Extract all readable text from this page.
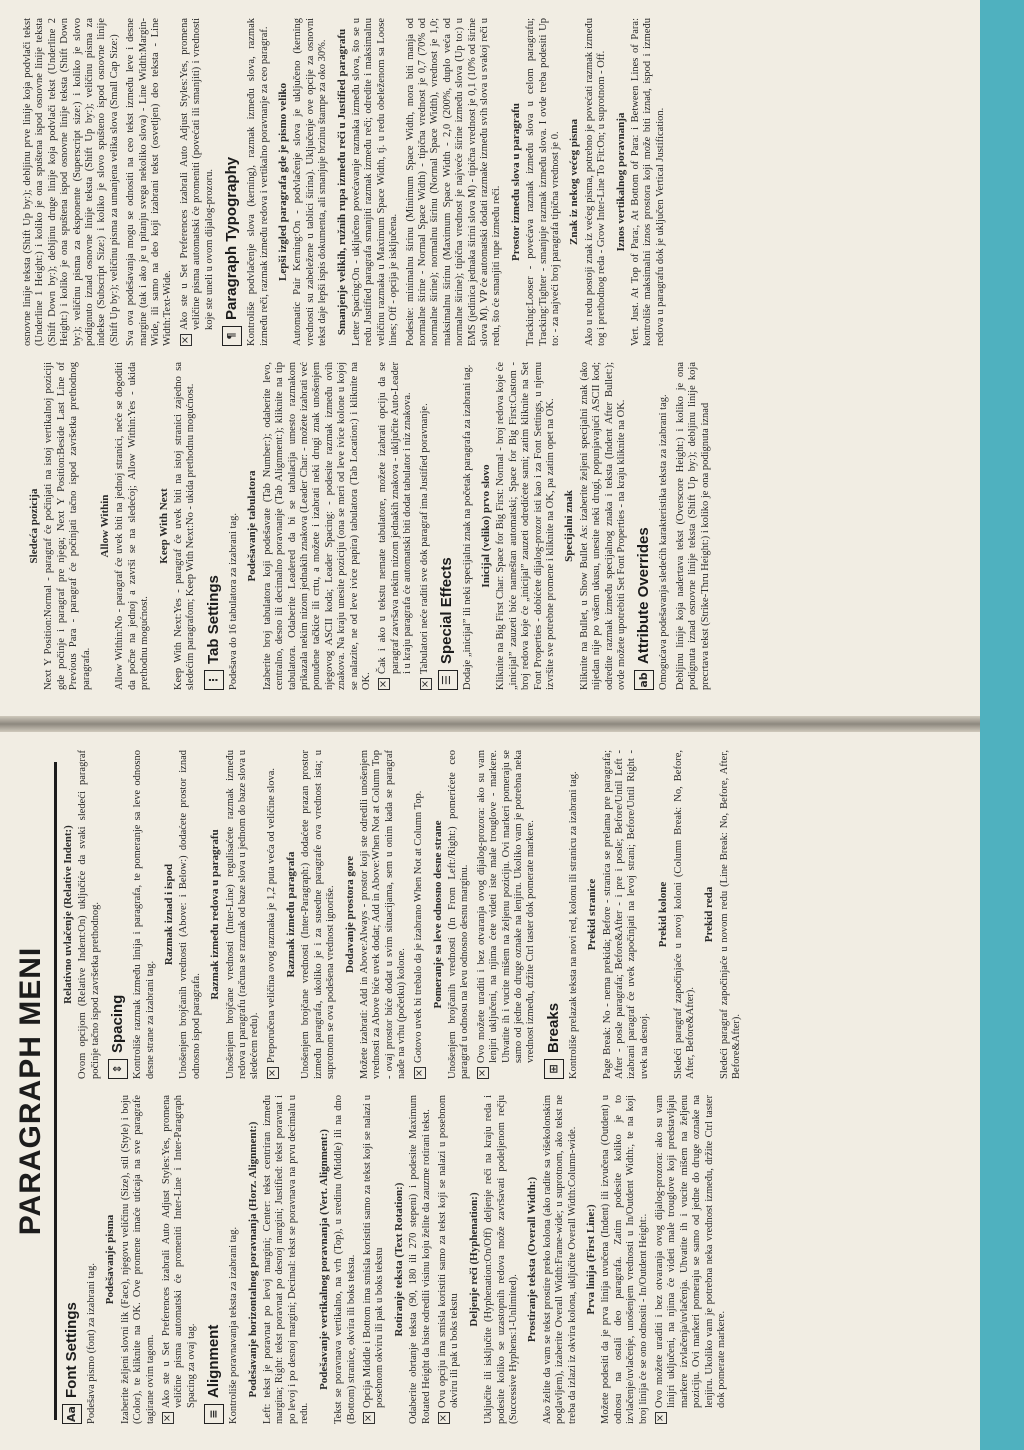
PARAGRAPH MENI
Aa
Font Settings Podešava pismo (font) za izabrani tag.

Podešavanje pisma Izaberite željeni slovni lik (Face), njegovu veličinu (Size), stil (Style) i boju (Color), te kliknite na OK. Ove promene imaće uticaja na sve paragrafe tagirane ovim tagom. ×
Ako ste u Set Preferences izabrali Auto Adjust Styles:Yes, promena veličine pisma automatski će promeniti Inter-Line i Inter-Paragraph Spacing za ovaj tag.
≡
Alignment Kontroliše poravnavanja teksta za izabrani tag. Podešavanje horizontalnog poravnanja (Horz. Alignment:) Left: tekst je poravnat po levoj margini; Center: tekst centriran između margina; Right: tekst poravnat po desnoj margini; Justified: tekst poravnat i po levoj i po desnoj margini; Decimal: tekst se poravnava na prvu decimalu u redu.

Podešavanje vertikalnog poravnanja (Vert. Alignment:) Tekst se poravnava vertikalno, na vrh (Top), u sredinu (Middle) ili na dno (Bottom) stranice, okvira ili boks teksta. ×
Opcija Middle i Bottom ima smisla koristiti samo za tekst koji se nalazi u posebnom okviru ili pak u boks tekstu Rotiranje teksta (Text Rotation:) Odaberite obrtanje teksta (90, 180 ili 270 stepeni) i podesite Maximum Rotated Height da biste odredili visinu koju želite da zauzme rotirani tekst. ×
Ovu opciju ima smisla koristiti samo za tekst koji se nalazi u posebnom okviru ili pak u boks tekstu
Deljenje reči (Hyphenation:) Uključite ili isključite (Hyphenation:On/Off) deljenje reči na kraju reda i podesite koliko se uzastopnih redova može završavati podeljenom rečju (Successive Hyphens:1-Unlimited).

Prostiranje teksta (Overall Width:) Ako želite da vam se tekst prostire preko kolona (ako radite sa višekolonskim poglavljem), izaberite Overall Width:Frame-wide; u suprotnom, ako tekst ne treba da izlazi iz okvira kolona, uključite Overall Width:Column-wide. Prva linija (First Line:) Možete podesiti da je prva linija uvučena (Indent) ili izvučena (Outdent) u odnosu na ostali deo paragrafa. Zatim podesite koliko je to izvlačenje/uvlačenje, unošenjem vrednosti u In/Outdent Width:, te na koji broj linija će se ono odnositi - In/Outdent Height:. ×
Ovo možete uraditi i bez otvaranja ovog dijalog-prozora: ako su vam linijri uključeni, na njima će videti male trouglove koji predstavljaju markere izvlačenja/uvlačenja. Uhvatite ih i vucite mišem na željenu poziciju. Ovi markeri pomeraju se samo od jedne do druge oznake na lenjiru. Ukoliko vam je potrebna neka vrednost između, držite Ctrl taster dok pomerate markere.
Relativno uvlačenje (Relative Indent:) Ovom opcijom (Relative Indent:On) uključiće da svaki sledeći paragraf počinje tačno ispod završetka prethodnog. ⇕
Spacing Kontroliše razmak između linija i paragrafa, te pomeranje sa leve odnosno desne strane za izabrani tag.

Razmak iznad i ispod Unošenjem brojčanih vrednosti (Above: i Below:) dodaćete prostor iznad odnosno ispod paragrafa.

Razmak između redova u paragrafu Unošenjem brojčane vrednosti (Inter-Line) regulisaćete razmak između redova u paragrafu (računa se razmak od baze slova u jednom do baze slova u sledećem redu). ×
Preporučena veličina ovog razmaka je 1,2 puta veća od veličine slova. Razmak između paragrafa Unošenjem brojčane vrednosti (Inter-Paragraph:) dodaćete prazan prostor između paragrafa, ukoliko je i za susedne paragrafe ova vrednost ista; u suprotnom se ova podešena vrednost ignoriše. Dodavanje prostora gore Možete izabrati: Add in Above:Always - prostor koji ste odredili unošenjem vrednosti za Above biće uvek dodat; Add in Above:When Not at Column Top - ovaj prostor biće dodat u svim situacijama, sem u onim kada se paragraf nađe na vrhu (početku) kolone. ×
Gotovo uvek bi trebalo da je izabrano When Not at Column Top. Pomeranje sa leve odnosno desne strane Unošenjem brojčanih vrednosti (In From Left:/Right:) pomerićete ceo paragraf u odnosu na levu odnosno desnu marginu. ×
Ovo možete uraditi i bez otvaranja ovog dijalog-prozora: ako su vam lenjiri uključeni, na njima ćete videti iste male trouglove - markere. Uhvatite ih i vucite mišem na željenu poziciju. Ovi markeri pomeraju se samo od jedne do druge oznake na lenjiru. Ukoliko vam je potrebna neka vrednost između, držite Ctrl taster dok pomerate markere.
⊞
Breaks Kontroliše prelazak teksta na novi red, kolonu ili stranicu za izabrani tag. Prekid stranice Page Break: No - nema prekida; Before - stranica se prelama pre paragrafa; After - posle paragrafa; Before&After - i pre i posle; Before/Until Left - izabrani paragraf će uvek započinjati na levoj strani; Before/Until Right - uvek na desnoj.

Prekid kolone Sledeći paragraf započinjaće u novoj koloni (Column Break: No, Before, After, Before&After).

Prekid reda Sledeći paragraf započinjaće u novom redu (Line Break: No, Before, After, Before&After).

Sledeća pozicija Next Y Position:Normal - paragraf će počinjati na istoj vertikalnoj poziciji gde počinje i paragraf pre njega; Next Y Position:Beside Last Line of Previous Para - paragraf će počinjati tačno ispod završetka prethodnog paragrafa.

Allow Within Allow Within:No - paragraf će uvek biti na jednoj stranici, neće se dogoditi da počne na jednoj a završi se na sledećoj; Allow Within:Yes - ukida prethodnu mogućnost.

Keep With Next Keep With Next:Yes - paragraf će uvek biti na istoj stranici zajedno sa sledećim paragrafom; Keep With Next:No - ukida prethodnu mogućnost. ⋮
Tab Settings Podešava do 16 tabulatora za izabrani tag. Podešavanje tabulatora Izaberite broj tabulatora koji podešavate (Tab Number:); odaberite levo, centralno, desno ili decimalno poravnanje (Tab Alignment:); kliknite na tip tabulatora. Odaberite Leadered da bi se tabulacija umesto razmakom prikazala nekim nizom jednakih znakova (Leader Char: - možete izabrati već ponuđene tačkice ili crtu, a možete i izabrati neki drugi znak unošenjem njegovog ASCII koda; Leader Spacing: - podesite razmak između ovih znakova. Na kraju unesite poziciju (ona se meri od leve ivice kolone u kojoj se nalazite, ne od leve ivice papira) tabulatora (Tab Location:) i kliknite na OK. ×
Čak i ako u tekstu nemate tabulatore, možete izabrati opciju da se paragraf završava nekim nizom jednakih znakova - uključite Auto-Leader i u kraju paragrafa će automatski biti dodat tabulator i niz znakova.
×
Tabulatori neće raditi sve dok paragraf ima Justified poravnanje.
☰
Special Effects Dodaje „inicijal” ili neki specijalni znak na početak paragrafa za izabrani tag. Inicijal (veliko) prvo slovo Kliknite na Big First Char: Space for Big First: Normal - broj redova koje će „inicijal” zauzeti biće nameštan automatski; Space for Big First:Custom - broj redova koje će „inicijal” zauzeti odredićete sami; zatim kliknite na Set Font Properties - dobićete dijalog-prozor isti kao i za Font Settings, u njemu izvršite sve potrebne promene i kliknite na OK, pa zatim opet na OK. Specijalni znak Kliknite na Bullet, u Show Bullet As: izaberite željeni specijalni znak (ako nijedan nije po vašem ukusu, unesite neki drugi, popunjavajući ASCII kod; odredite razmak između specijalnog znaka i teksta (Indent After Bullet:); ovde možete upotrebiti Set Font Properties - na kraju kliknite na OK. ab
Attribute Overrides Omogućava podešavanja sledećih karakteristika teksta za izabrani tag. Debljinu linije koja nadertava tekst (Overscore Height:) i koliko je ona podignuta iznad osnovne linije teksta (Shift Up by:); debljinu linije koja precrtava tekst (Strike-Thru Height:) i koliko je ona podignuta iznad

osnovne linije teksta (Shift Up by:); debljinu prve linije koja podvlači tekst (Underline 1 Height:) i koliko je ona spuštena ispod osnovne linije teksta (Shift Down by:); debljinu druge linije koja podvlači tekst (Underline 2 Height:) i koliko je ona spuštena ispod osnovne linije teksta (Shift Down by:); veličinu pisma za eksponente (Superscript size:) i koliko je slovo podignuto iznad osnovne linije teksta (Shift Up by:); veličinu pisma za indekse (Subscript Size:) i koliko je slovo spušteno ispod osnovne linije (Shift Up by:); veličinu pisma za umanjena velika slova (Small Cap Size:) Sva ova podešavanja mogu se odnositi na ceo tekst između leve i desne margine (tak i ako je u pitanju svega nekoliko slova) - Line Width:Margin-Wide, ili samo na deo koji izabrani tekst (osvetljen) deo teksta - Line Width:Text-Wide. ×
Ako ste u Set Preferences izabrali Auto Adjust Styles:Yes, promena veličine pisma automatski će promeniti (povećati ili smanjiti) i vrednosti koje ste uneli u ovom dijalog-prozoru.
¶
Paragraph Typography Kontroliše podvlačenje slova (kerning), razmak između slova, razmak između reči, razmak između redova i vertikalno poravnanje za ceo paragraf. Lepši izgled paragrafa gde je pismo veliko Automatic Pair Kerning:On - podvlačenje slova je uključeno (kerning vrednosti su zabeležene u tablici širina). Uključenje ove opcije za osnovni tekst daje lepši ispis dokumenta, ali smanjuje brzinu štampe za oko 30%. Smanjenje velikih, ružnih rupa između reči u Justified paragrafu Letter Spacing:On - uključeno povećavanje razmaka između slova, što se u redu Justified paragrafa smanjiti razmak između reči; odredite i maksimalnu veličinu razmaka u Maximum Space Width, tj. u redu obeleženom sa Loose lines; Off - opcija je isključena. Podesite: minimalnu širinu (Minimum Space Width, mora biti manja od normalne širine - Normal Space Width) - tipična vrednost je 0,7 (70% od normalne širine); normalnu širinu (Normal Space Width), vrednost je 1,0; maksimalnu širinu (Maximum Space Width - 2,0 (200%, duplo veća od normalne širine); tipična vrednost je najveće širine između slova (Up to:) u EMS (jedinica jednaka širini slova M) - tipična vrednost je 0,1 (10% od širine slova M). VP će automatski dodati razmake između svih slova u svakoj reči u redu, što će smanjiti rupe između reči.

Prostor između slova u paragrafu Tracking:Looser - povećava razmak između slova u celom paragrafu; Tracking:Tighter - smanjuje razmak između slova. I ovde treba podesiti Up to: - za najveći broj paragrafa tipična vrednost je 0. Znak iz nekog većeg pisma Ako u redu postoji znak iz većeg pisma, potrebno je povećati razmak između tog i prethodnog reda - Grow Inter-Line To Fit:On; u suprotnom - Off. Iznos vertikalnog poravnanja Vert. Just. At Top of Para:, At Bottom of Para: i Between Lines of Para: kontroliše maksimalni iznos prostora koji može biti iznad, ispod i između redova u paragrafu dok je uključen Vertical Justification.
